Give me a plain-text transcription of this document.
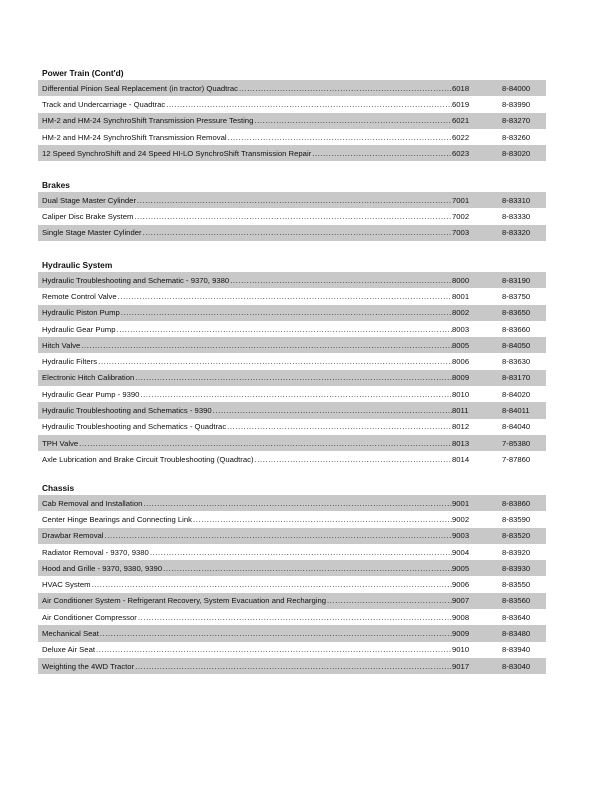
Power Train (Cont'd)
Differential Pinion Seal Replacement (in tractor) Quadtrac .....	6018	8-84000
Track and Undercarriage - Quadtrac .....	6019	8-83990
HM-2 and HM-24 SynchroShift Transmission Pressure Testing .....	6021	8-83270
HM-2 and HM-24 SynchroShift Transmission Removal .....	6022	8-83260
12 Speed SynchroShift and 24 Speed HI-LO SynchroShift Transmission Repair .....	6023	8-83020
Brakes
Dual Stage Master Cylinder .....	7001	8-83310
Caliper Disc Brake System .....	7002	8-83330
Single Stage Master Cylinder .....	7003	8-83320
Hydraulic System
Hydraulic Troubleshooting and Schematic - 9370, 9380 .....	8000	8-83190
Remote Control Valve .....	8001	8-83750
Hydraulic Piston Pump .....	8002	8-83650
Hydraulic Gear Pump .....	8003	8-83660
Hitch Valve .....	8005	8-84050
Hydraulic Filters .....	8006	8-83630
Electronic Hitch Calibration .....	8009	8-83170
Hydraulic Gear Pump - 9390 .....	8010	8-84020
Hydraulic Troubleshooting and Schematics - 9390 .....	8011	8-84011
Hydraulic Troubleshooting and Schematics - Quadtrac .....	8012	8-84040
TPH Valve .....	8013	7-85380
Axle Lubrication and Brake Circuit Troubleshooting (Quadtrac) .....	8014	7-87860
Chassis
Cab Removal and Installation .....	9001	8-83860
Center Hinge Bearings and Connecting Link .....	9002	8-83590
Drawbar Removal .....	9003	8-83520
Radiator Removal - 9370, 9380 .....	9004	8-83920
Hood and Grille - 9370, 9380, 9390 .....	9005	8-83930
HVAC System .....	9006	8-83550
Air Conditioner System - Refrigerant Recovery, System Evacuation and Recharging .....	9007	8-83560
Air Conditioner Compressor .....	9008	8-83640
Mechanical Seat .....	9009	8-83480
Deluxe Air Seat .....	9010	8-83940
Weighting the 4WD Tractor .....	9017	8-83040
